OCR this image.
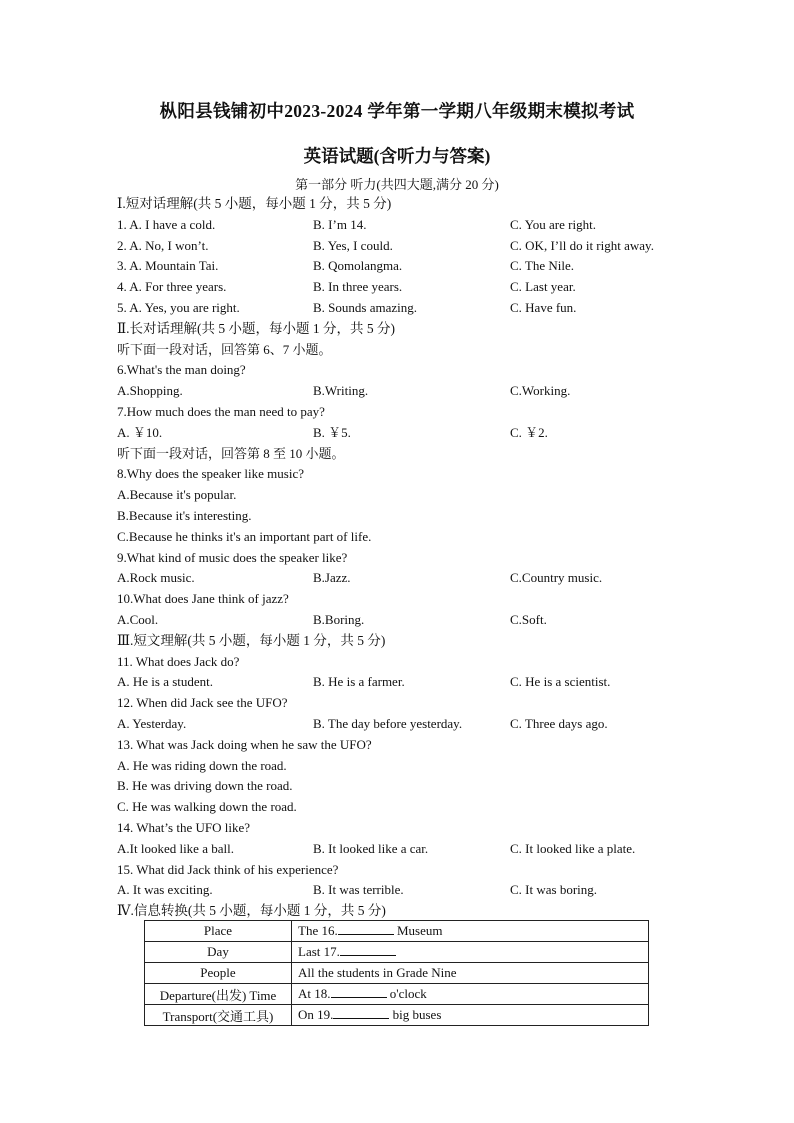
枞阳县钱铺初中2023-2024 学年第一学期八年级期末模拟考试
英语试题(含听力与答案)
第一部分 听力(共四大题,满分 20 分)
Ⅰ.短对话理解(共 5 小题，每小题 1 分，共 5 分)
1. A. I have a cold.	B. I’m 14.	C. You are right.
2. A. No, I won’t.	B. Yes, I could.	C. OK, I’ll do it right away.
3. A. Mountain Tai.	B. Qomolangma.	C. The Nile.
4. A. For three years.	B. In three years.	C. Last year.
5. A. Yes, you are right.	B. Sounds amazing.	C. Have fun.
Ⅱ.长对话理解(共 5 小题，每小题 1 分，共 5 分)
听下面一段对话，回答第 6、7 小题。
6.What's the man doing?
A.Shopping.	B.Writing.	C.Working.
7.How much does the man need to pay?
A. ￥10.	B. ￥5.	C. ￥2.
听下面一段对话，回答第 8 至 10 小题。
8.Why does the speaker like music?
A.Because it's popular.
B.Because it's interesting.
C.Because he thinks it's an important part of life.
9.What kind of music does the speaker like?
A.Rock music.	B.Jazz.	C.Country music.
10.What does Jane think of jazz?
A.Cool.	B.Boring.	C.Soft.
Ⅲ.短文理解(共 5 小题，每小题 1 分，共 5 分)
11. What does Jack do?
A. He is a student.	B. He is a farmer.	C. He is a scientist.
12. When did Jack see the UFO?
A. Yesterday.	B. The day before yesterday.	C. Three days ago.
13. What was Jack doing when he saw the UFO?
A. He was riding down the road.
B. He was driving down the road.
C. He was walking down the road.
14. What’s the UFO like?
A.It looked like a ball.	B. It looked like a car.	C. It looked like a plate.
15. What did Jack think of his experience?
A. It was exciting.	B. It was terrible.	C. It was boring.
Ⅳ.信息转换(共 5 小题，每小题 1 分，共 5 分)
Place	The 16. Museum
Day	Last 17.
People	All the students in Grade Nine
Departure(出发) Time	At 18. o'clock
Transport(交通工具)	On 19. big buses
